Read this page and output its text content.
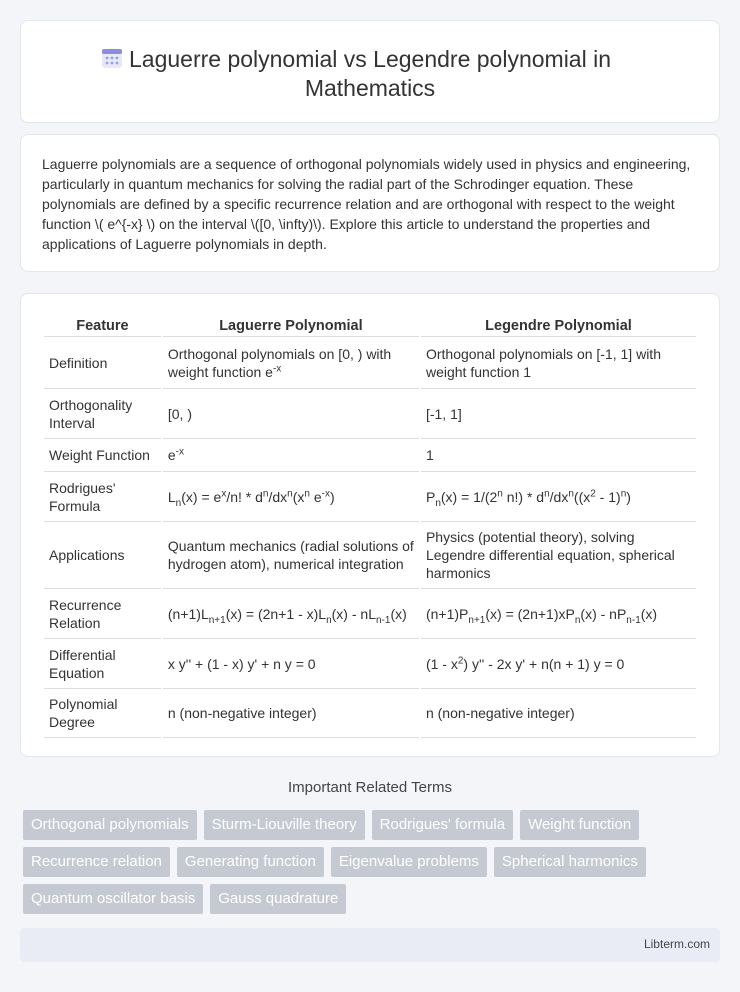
Laguerre polynomial vs Legendre polynomial in Mathematics

Laguerre polynomials are a sequence of orthogonal polynomials widely used in physics and engineering, particularly in quantum mechanics for solving the radial part of the Schrodinger equation. These polynomials are defined by a specific recurrence relation and are orthogonal with respect to the weight function \( e^{-x} \) on the interval \([0, \infty)\). Explore this article to understand the properties and applications of Laguerre polynomials in depth.

Feature	Laguerre Polynomial	Legendre Polynomial
Definition	Orthogonal polynomials on [0, ) with weight function $e^{-x}$	Orthogonal polynomials on [-1, 1] with weight function 1
Orthogonality Interval	[0, )	[-1, 1]
Weight Function	$e^{-x}$	1
Rodrigues' Formula	$L_n(x) = e^x/n$! * $d^n/dx^n(x^n$ $e^{-x}$)	$P_n(x) = 1/(2^n$ $n!) * d^n/dx^n((x^2 - 1)^n)$
Applications	Quantum mechanics (radial solutions of hydrogen atom), numerical integration	Physics (potential theory), solving Legendre differential equation, spherical harmonics
Recurrence Relation	$(n+1)L_{n+1}(x) = (2n+1 - x)L_n(x) - nL_{n-1}(x)$	$(n+1)P_{n+1}(x) = (2n+1)xP_n(x) - nP_{n-1}(x)$
Differential Equation	x y'' + (1 - x) y' + n y = 0	$(1 - x^2)$ y'' - 2x y' + n(n + 1) y = 0
Polynomial Degree	n (non-negative integer)	n (non-negative integer)
Important Related Terms
Orthogonal polynomials	Sturm-Liouville theory	Rodrigues' formula	Weight function
Recurrence relation	Generating function	Eigenvalue problems	Spherical harmonics
Quantum oscillator basis	Gauss quadrature
Libterm.com
